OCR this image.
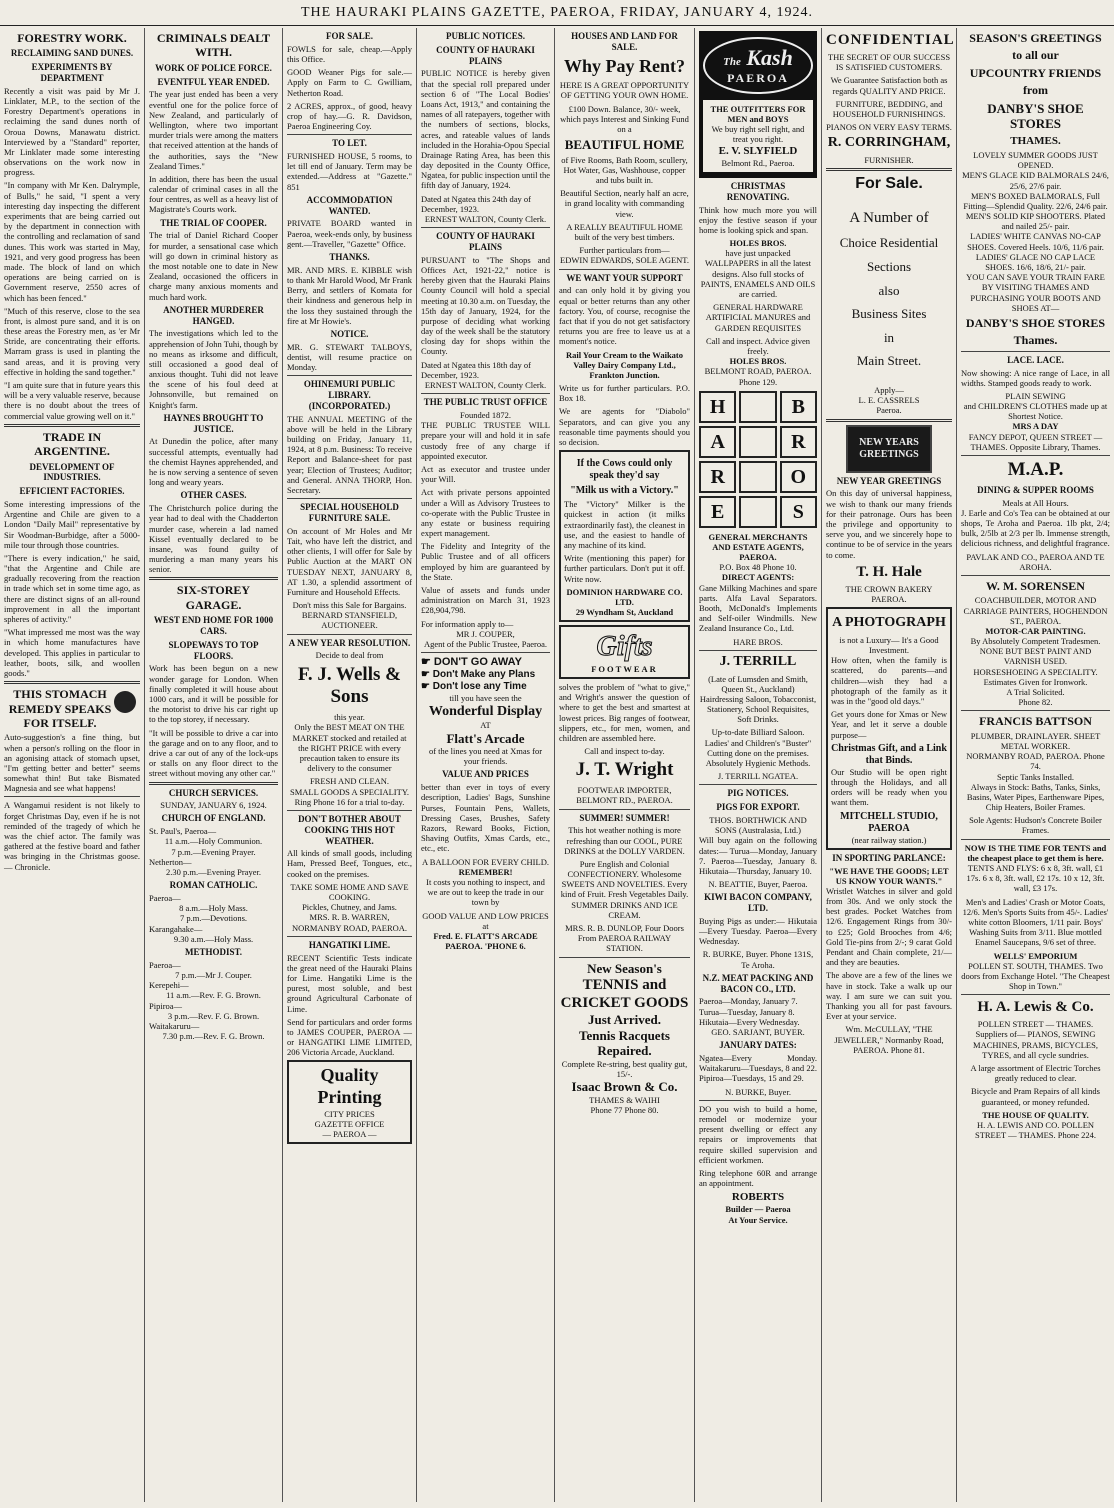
THE HAURAKI PLAINS GAZETTE, PAEROA, FRIDAY, JANUARY 4, 1924.
FORESTRY WORK.
RECLAIMING SAND DUNES.
EXPERIMENTS BY DEPARTMENT

Recently a visit was paid by Mr J. Linklater, M.P., to the section of the Forestry Department's operations in reclaiming the sand dunes north of Oroua Downs, Manawatu district. Interviewed by a "Standard" reporter, Mr Linklater made some interesting observations on the work now in progress.

"In company with Mr Ken. Dalrymple, of Bulls," he said, "I spent a very interesting day inspecting the different experiments that are being carried out by the department in connection with the controlling and reclamation of sand dunes. This work was started in May, 1921, and very good progress has been made. The block of land on which operations are being carried on is Government reserve, 2550 acres of which has been fenced."

"Much of this reserve, close to the sea front, is almost pure sand, and it is on these areas the Forestry men, as 'er Mr Stride, are concentrating their efforts. Marram grass is used in planting the sand areas, and it is proving very effective in holding the sand together."

"I am quite sure that in future years this will be a very valuable reserve, because there is no doubt about the trees of commercial value growing well on it."

TRADE IN ARGENTINE.
DEVELOPMENT OF INDUSTRIES.
EFFICIENT FACTORIES.

Some interesting impressions of the Argentine and Chile are given to a London "Daily Mail" representative by Sir Woodman-Burbidge, after a 5000-mile tour through those countries.

"There is every indication," he said, "that the Argentine and Chile are gradually recovering from the reaction in trade which set in some time ago, as there are distinct signs of an all-round improvement in all the important spheres of activity."

"What impressed me most was the way in which home manufactures have developed. This applies in particular to leather, boots, silk, and woollen goods."

THIS STOMACH REMEDY SPEAKS FOR ITSELF.

Auto-suggestion's a fine thing, but when a person's rolling on the floor in an agonising attack of stomach upset, "I'm getting better and better" seems somewhat thin! But take Bismated Magnesia and see what happens!

A Wangamui resident is not likely to forget Christmas Day, even if he is not reminded of the tragedy of which he was the chief actor. The family was gathered at the festive board and father was bringing in the Christmas goose. — Chronicle.

CRIMINALS DEALT WITH.
WORK OF POLICE FORCE.
EVENTFUL YEAR ENDED.

The year just ended has been a very eventful one for the police force of New Zealand, and particularly of Wellington, where two important murder trials were among the matters that received attention at the hands of the authorities, says the "New Zealand Times."

In addition, there has been the usual calendar of criminal cases in all the four centres, as well as a heavy list of Magistrate's Courts work.

THE TRIAL OF COOPER.

The trial of Daniel Richard Cooper for murder, a sensational case which will go down in criminal history as the most notable one to date in New Zealand, occasioned the officers in charge many anxious moments and much hard work.

ANOTHER MURDERER HANGED.

The investigations which led to the apprehension of John Tuhi, though by no means as irksome and difficult, still occasioned a good deal of anxious thought. Tuhi did not leave the scene of his foul deed at Johnsonville, but remained on Knight's farm.

HAYNES BROUGHT TO JUSTICE.

At Dunedin the police, after many successful attempts, eventually had the chemist Haynes apprehended, and he is now serving a sentence of seven long and weary years.

OTHER CASES.

The Christchurch police during the year had to deal with the Chadderton murder case, wherein a lad named Kissel eventually declared to be insane, was found guilty of murdering a man many years his senior.

SIX-STOREY GARAGE.
WEST END HOME FOR 1000 CARS.
SLOPEWAYS TO TOP FLOORS.

Work has been begun on a new wonder garage for London. When finally completed it will house about 1000 cars, and it will be possible for the motorist to drive his car right up to the top storey, if necessary.

"It will be possible to drive a car into the garage and on to any floor, and to drive a car out of any of the lock-ups or stalls on any floor direct to the street without moving any other car."

CHURCH SERVICES.
SUNDAY, JANUARY 6, 1924.
CHURCH OF ENGLAND.
St. Paul's, Paeroa—
11 a.m.—Holy Communion.
7 p.m.—Evening Prayer.
Netherton—
2.30 p.m.—Evening Prayer.
ROMAN CATHOLIC.
Paeroa—
8 a.m.—Holy Mass.
7 p.m.—Devotions.
Karangahake—
9.30 a.m.—Holy Mass.
METHODIST.
Paeroa—
7 p.m.—Mr J. Couper.
Kerepehi—
11 a.m.—Rev. F. G. Brown.
Pipiroa—
3 p.m.—Rev. F. G. Brown.
Waitakaruru—
7.30 p.m.—Rev. F. G. Brown.
FOR SALE.

FOWLS for sale, cheap.—Apply this Office.

GOOD Weaner Pigs for sale.—Apply on Farm to C. Gwilliam, Netherton Road.

2 ACRES, approx., of good, heavy crop of hay.—G. R. Davidson, Paeroa Engineering Coy.

TO LET.

FURNISHED HOUSE, 5 rooms, to let till end of January. Term may be extended.—Address at "Gazette." 851

ACCOMMODATION WANTED.

PRIVATE BOARD wanted in Paeroa, week-ends only, by business gent.—Traveller, "Gazette" Office.

THANKS.

MR. AND MRS. E. KIBBLE wish to thank Mr Harold Wood, Mr Frank Berry, and settlers of Komata for their kindness and generous help in the loss they sustained through the fire at Mr Howie's.

NOTICE.

MR. G. STEWART TALBOYS, dentist, will resume practice on Monday.

OHINEMURI PUBLIC LIBRARY. (INCORPORATED.)

THE ANNUAL MEETING of the above will be held in the Library building on Friday, January 11, 1924, at 8 p.m. Business: To receive Report and Balance-sheet for past year; Election of Trustees; Auditor; and General. ANNA THORP, Hon. Secretary.

SPECIAL HOUSEHOLD FURNITURE SALE.

On account of Mr Holes and Mr Tait, who have left the district, and other clients, I will offer for Sale by Public Auction at the MART ON TUESDAY NEXT, JANUARY 8, AT 1.30, a splendid assortment of Furniture and Household Effects.

Don't miss this Sale for Bargains.
BERNARD STANSFIELD, AUCTIONEER.
A NEW YEAR RESOLUTION.
Decide to deal from
F. J. Wells & Sons
this year.

Only the BEST MEAT ON THE MARKET stocked and retailed at the RIGHT PRICE with every precaution taken to ensure its delivery to the consumer

FRESH AND CLEAN.
SMALL GOODS A SPECIALITY.
Ring Phone 16 for a trial to-day.
DON'T BOTHER ABOUT COOKING THIS HOT WEATHER.

All kinds of small goods, including Ham, Pressed Beef, Tongues, etc., cooked on the premises.

TAKE SOME HOME AND SAVE COOKING.
Pickles, Chutney, and Jams.
MRS. R. B. WARREN, NORMANBY ROAD, PAEROA.
HANGATIKI LIME.

RECENT Scientific Tests indicate the great need of the Hauraki Plains for Lime. Hangatiki Lime is the purest, most soluble, and best ground Agricultural Carbonate of Lime.

Send for particulars and order forms to JAMES COUPER, PAEROA — or HANGATIKI LIME LIMITED, 206 Victoria Arcade, Auckland.

Quality
Printing
CITY PRICES
GAZETTE OFFICE
— PAEROA —
PUBLIC NOTICES.
COUNTY OF HAURAKI PLAINS

PUBLIC NOTICE is hereby given that the special roll prepared under section 6 of "The Local Bodies' Loans Act, 1913," and containing the names of all ratepayers, together with the numbers of sections, blocks, acres, and rateable values of lands included in the Horahia-Opou Special Drainage Rating Area, has been this day deposited in the County Office, Ngatea, for public inspection until the fifth day of January, 1924.

Dated at Ngatea this 24th day of December, 1923.
ERNEST WALTON, County Clerk.
COUNTY OF HAURAKI PLAINS

PURSUANT to "The Shops and Offices Act, 1921-22," notice is hereby given that the Hauraki Plains County Council will hold a special meeting at 10.30 a.m. on Tuesday, the 15th day of January, 1924, for the purpose of deciding what working day of the week shall be the statutory closing day for shops within the County.

Dated at Ngatea this 18th day of December, 1923.
ERNEST WALTON, County Clerk.
THE PUBLIC TRUST OFFICE
Founded 1872.

THE PUBLIC TRUSTEE WILL prepare your will and hold it in safe custody free of any charge if appointed executor.

Act as executor and trustee under your Will.

Act with private persons appointed under a Will as Advisory Trustees to co-operate with the Public Trustee in any estate or business requiring expert management.

The Fidelity and Integrity of the Public Trustee and of all officers employed by him are guaranteed by the State.

Value of assets and funds under administration on March 31, 1923 £28,904,798.

For information apply to—
MR J. COUPER,
Agent of the Public Trustee, Paeroa.
☛ DON'T GO AWAY
☛ Don't Make any Plans
☛ Don't lose any Time
till you have seen the
Wonderful Display
AT
Flatt's Arcade

of the lines you need at Xmas for your friends.

VALUE AND PRICES

better than ever in toys of every description, Ladies' Bags, Sunshine Purses, Fountain Pens, Wallets, Dressing Cases, Brushes, Safety Razors, Reward Books, Fiction, Shaving Outfits, Xmas Cards, etc., etc., etc.

A BALLOON FOR EVERY CHILD.
REMEMBER!

It costs you nothing to inspect, and we are out to keep the trade in our town by

GOOD VALUE AND LOW PRICES
at
Fred. E. FLATT'S ARCADE
PAEROA. 'PHONE 6.
HOUSES AND LAND FOR SALE.
Why Pay Rent?

HERE IS A GREAT OPPORTUNITY OF GETTING YOUR OWN HOME.

£100 Down. Balance, 30/- week, which pays Interest and Sinking Fund on a

BEAUTIFUL HOME

of Five Rooms, Bath Room, scullery, Hot Water, Gas, Washhouse, copper and tubs built in.

Beautiful Section, nearly half an acre, in grand locality with commanding view.

A REALLY BEAUTIFUL HOME built of the very best timbers.

Further particulars from—
EDWIN EDWARDS, SOLE AGENT.
WE WANT YOUR SUPPORT

and can only hold it by giving you equal or better returns than any other factory. You, of course, recognise the fact that if you do not get satisfactory returns you are free to leave us at a moment's notice.

Rail Your Cream to the Waikato Valley Dairy Company Ltd., Frankton Junction.

Write us for further particulars. P.O. Box 18.

We are agents for "Diabolo" Separators, and can give you any reasonable time payments should you so decision.

If the Cows could only speak they'd say
"Milk us with a Victory."

The "Victory" Milker is the quickest in action (it milks extraordinarily fast), the cleanest in use, and the easiest to handle of any machine of its kind.

Write (mentioning this paper) for further particulars. Don't put it off. Write now.

DOMINION HARDWARE CO. LTD.
29 Wyndham St, Auckland
Gifts
FOOTWEAR

solves the problem of "what to give," and Wright's answer the question of where to get the best and smartest at lowest prices. Big ranges of footwear, slippers, etc., for men, women, and children are assembled here.

Call and inspect to-day.
J. T. Wright
FOOTWEAR IMPORTER, BELMONT RD., PAEROA.
SUMMER! SUMMER!

This hot weather nothing is more refreshing than our COOL, PURE DRINKS at the DOLLY VARDEN.

Pure English and Colonial CONFECTIONERY. Wholesome SWEETS AND NOVELTIES. Every kind of Fruit. Fresh Vegetables Daily. SUMMER DRINKS AND ICE CREAM.

MRS. R. B. DUNLOP, Four Doors From PAEROA RAILWAY STATION.

New Season's
TENNIS and CRICKET GOODS
Just Arrived.
Tennis Racquets Repaired.
Complete Re-string, best quality gut, 15/-.
Isaac Brown & Co.
THAMES & WAIHI
Phone 77 Phone 80.
The Kash
PAEROA
THE OUTFITTERS FOR MEN and BOYS
We buy right sell right, and treat you right.
E. V. SLYFIELD
Belmont Rd., Paeroa.
CHRISTMAS RENOVATING.

Think how much more you will enjoy the festive season if your home is looking spick and span.

HOLES BROS.

have just unpacked WALLPAPERS in all the latest designs. Also full stocks of PAINTS, ENAMELS AND OILS are carried.

GENERAL HARDWARE ARTIFICIAL MANURES and GARDEN REQUISITES

Call and inspect. Advice given freely.
HOLES BROS.
BELMONT ROAD, PAEROA. Phone 129.
H	B
A	R
R	O
E	S
GENERAL MERCHANTS AND ESTATE AGENTS, PAEROA.
P.O. Box 48 Phone 10.
DIRECT AGENTS:

Gane Milking Machines and spare parts. Alfa Laval Separators. Booth, McDonald's Implements and Self-oiler Windmills. New Zealand Insurance Co., Ltd.

HARE BROS.
J. TERRILL

(Late of Lumsden and Smith, Queen St., Auckland) Hairdressing Saloon, Tobacconist, Stationery, School Requisites, Soft Drinks.

Up-to-date Billiard Saloon. Ladies' and Children's "Buster" Cutting done on the premises. Absolutely Hygienic Methods.

J. TERRILL NGATEA.
PIG NOTICES.
PIGS FOR EXPORT.
THOS. BORTHWICK AND SONS (Australasia, Ltd.)

Will buy again on the following dates:— Turua—Monday, January 7. Paeroa—Tuesday, January 8. Hikutaia—Thursday, January 10.

N. BEATTIE, Buyer, Paeroa.
KIWI BACON COMPANY, LTD.

Buying Pigs as under:— Hikutaia—Every Tuesday. Paeroa—Every Wednesday.

R. BURKE, Buyer. Phone 131S, Te Aroha.
N.Z. MEAT PACKING AND BACON CO., LTD.
Paeroa—Monday, January 7.
Turua—Tuesday, January 8.
Hikutaia—Every Wednesday.
GEO. SARJANT, BUYER.
JANUARY DATES:

Ngatea—Every Monday. Waitakaruru—Tuesdays, 8 and 22. Pipiroa—Tuesdays, 15 and 29.

N. BURKE, Buyer.

DO you wish to build a home, remodel or modernize your present dwelling or effect any repairs or improvements that require skilled supervision and efficient workmen.

Ring telephone 60R and arrange an appointment.

ROBERTS
Builder — Paeroa
At Your Service.
CONFIDENTIAL

THE SECRET OF OUR SUCCESS IS SATISFIED CUSTOMERS.

We Guarantee Satisfaction both as regards QUALITY AND PRICE.

FURNITURE, BEDDING, and HOUSEHOLD FURNISHINGS.

PIANOS ON VERY EASY TERMS.

R. CORRINGHAM,
FURNISHER.
For Sale.
A Number of
Choice Residential
Sections
also
Business Sites
in
Main Street.
Apply—
L. E. CASSRELS
Paeroa.
NEW YEARS GREETINGS
NEW YEAR GREETINGS

On this day of universal happiness, we wish to thank our many friends for their patronage. Ours has been the privilege and opportunity to serve you, and we sincerely hope to continue to be of service in the years to come.

T. H. Hale
THE CROWN BAKERY
PAEROA.
A PHOTOGRAPH
is not a Luxury— It's a Good Investment.

How often, when the family is scattered, do parents—and children—wish they had a photograph of the family as it was in the "good old days."

Get yours done for Xmas or New Year, and let it serve a double purpose—

Christmas Gift, and a Link that Binds.

Our Studio will be open right through the Holidays, and all orders will be ready when you want them.

MITCHELL STUDIO, PAEROA
(near railway station.)
IN SPORTING PARLANCE:
"WE HAVE THE GOODS; LET US KNOW YOUR WANTS."

Wristlet Watches in silver and gold from 30s. And we only stock the best grades. Pocket Watches from 12/6. Engagement Rings from 30/- to £25; Gold Brooches from 4/6; Gold Tie-pins from 2/-; 9 carat Gold Pendant and Chain complete, 21/—and they are beauties.

The above are a few of the lines we have in stock. Take a walk up our way. I am sure we can suit you. Thanking you all for past favours. Ever at your service.

Wm. McCULLAY, "THE JEWELLER," Normanby Road, PAEROA. Phone 81.

SEASON'S GREETINGS
to all our
UPCOUNTRY FRIENDS
from
DANBY'S SHOE STORES
THAMES.
LOVELY SUMMER GOODS JUST OPENED.
MEN'S GLACE KID BALMORALS 24/6, 25/6, 27/6 pair.
MEN'S BOXED BALMORALS, Full Fitting—Splendid Quality. 22/6, 24/6 pair.
MEN'S SOLID KIP SHOOTERS. Plated and nailed 25/- pair.
LADIES' WHITE CANVAS NO-CAP SHOES. Covered Heels. 10/6, 11/6 pair.
LADIES' GLACE NO CAP LACE SHOES. 16/6, 18/6, 21/- pair.
YOU CAN SAVE YOUR TRAIN FARE BY VISITING THAMES AND PURCHASING YOUR BOOTS AND SHOES AT—
DANBY'S SHOE STORES
Thames.
LACE. LACE.

Now showing: A nice range of Lace, in all widths. Stamped goods ready to work.

PLAIN SEWING
and CHILDREN'S CLOTHES made up at Shortest Notice.
MRS A DAY
FANCY DEPOT, QUEEN STREET — THAMES. Opposite Library, Thames.
M.A.P.
DINING & SUPPER ROOMS
Meals at All Hours.

J. Earle and Co's Tea can be obtained at our shops, Te Aroha and Paeroa. 1lb pkt, 2/4; bulk, 2/5lb at 2/3 per lb. Immense strength, delicious richness, and delightful fragrance.

PAVLAK AND CO., PAEROA AND TE AROHA.
W. M. SORENSEN
COACHBUILDER, MOTOR AND CARRIAGE PAINTERS, HOGHENDON ST., PAEROA.
MOTOR-CAR PAINTING.
By Absolutely Competent Tradesmen.
NONE BUT BEST PAINT AND VARNISH USED.
HORSESHOEING A SPECIALITY.
Estimates Given for Ironwork.
A Trial Solicited.
Phone 82.
FRANCIS BATTSON
PLUMBER, DRAINLAYER. SHEET METAL WORKER.
NORMANBY ROAD, PAEROA. Phone 74.
Septic Tanks Installed.

Always in Stock: Baths, Tanks, Sinks, Basins, Water Pipes, Earthenware Pipes, Chip Heaters, Boiler Frames.

Sole Agents: Hudson's Concrete Boiler Frames.
NOW IS THE TIME FOR TENTS and the cheapest place to get them is here.

TENTS AND FLYS: 6 x 8, 3ft. wall, £1 17s. 6 x 8, 3ft. wall, £2 17s. 10 x 12, 3ft. wall, £3 17s.

Men's and Ladies' Crash or Motor Coats, 12/6. Men's Sports Suits from 45/-. Ladies' white cotton Bloomers, 1/11 pair. Boys' Washing Suits from 3/11. Blue mottled Enamel Saucepans, 9/6 set of three.

WELLS' EMPORIUM
POLLEN ST. SOUTH, THAMES. Two doors from Exchange Hotel. "The Cheapest Shop in Town."
H. A. Lewis & Co.
POLLEN STREET — THAMES.

Suppliers of— PIANOS, SEWING MACHINES, PRAMS, BICYCLES, TYRES, and all cycle sundries.

A large assortment of Electric Torches greatly reduced to clear.

Bicycle and Pram Repairs of all kinds guaranteed, or money refunded.

THE HOUSE OF QUALITY.
H. A. LEWIS AND CO. POLLEN STREET — THAMES. Phone 224.
